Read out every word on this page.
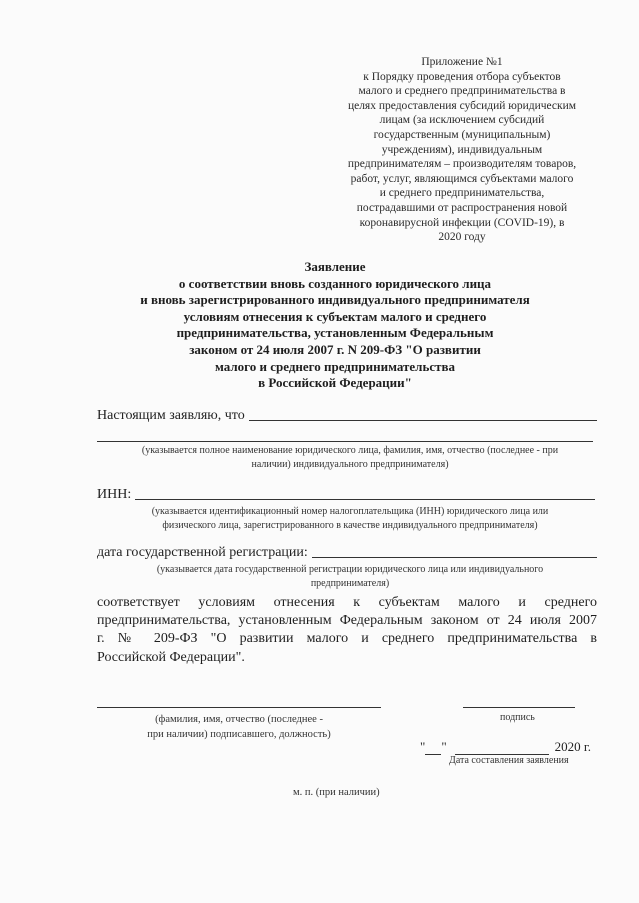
Приложение №1
к Порядку проведения отбора субъектов
малого и среднего предпринимательства в
целях предоставления субсидий юридическим
лицам (за исключением субсидий
государственным (муниципальным)
учреждениям), индивидуальным
предпринимателям – производителям товаров,
работ, услуг, являющимся субъектами малого
и среднего предпринимательства,
пострадавшими от распространения новой
коронавирусной инфекции (COVID-19), в
2020 году
Заявление
о соответствии вновь созданного юридического лица
и вновь зарегистрированного индивидуального предпринимателя
условиям отнесения к субъектам малого и среднего
предпринимательства, установленным Федеральным
законом от 24 июля 2007 г. N 209-ФЗ "О развитии
малого и среднего предпринимательства
в Российской Федерации"
Настоящим заявляю, что
(указывается полное наименование юридического лица, фамилия, имя, отчество (последнее - при
наличии) индивидуального предпринимателя)
ИНН:
(указывается идентификационный номер налогоплательщика (ИНН) юридического лица или
физического лица, зарегистрированного в качестве индивидуального предпринимателя)
дата государственной регистрации:
(указывается дата государственной регистрации юридического лица или индивидуального
предпринимателя)
соответствует условиям отнесения к субъектам малого и среднего
предпринимательства, установленным Федеральным законом от 24 июля 2007
г. № 209-ФЗ "О развитии малого и среднего предпринимательства в
Российской Федерации".
(фамилия, имя, отчество (последнее -
при наличии) подписавшего, должность)
подпись
" "	2020 г.
Дата составления заявления
м. п. (при наличии)
